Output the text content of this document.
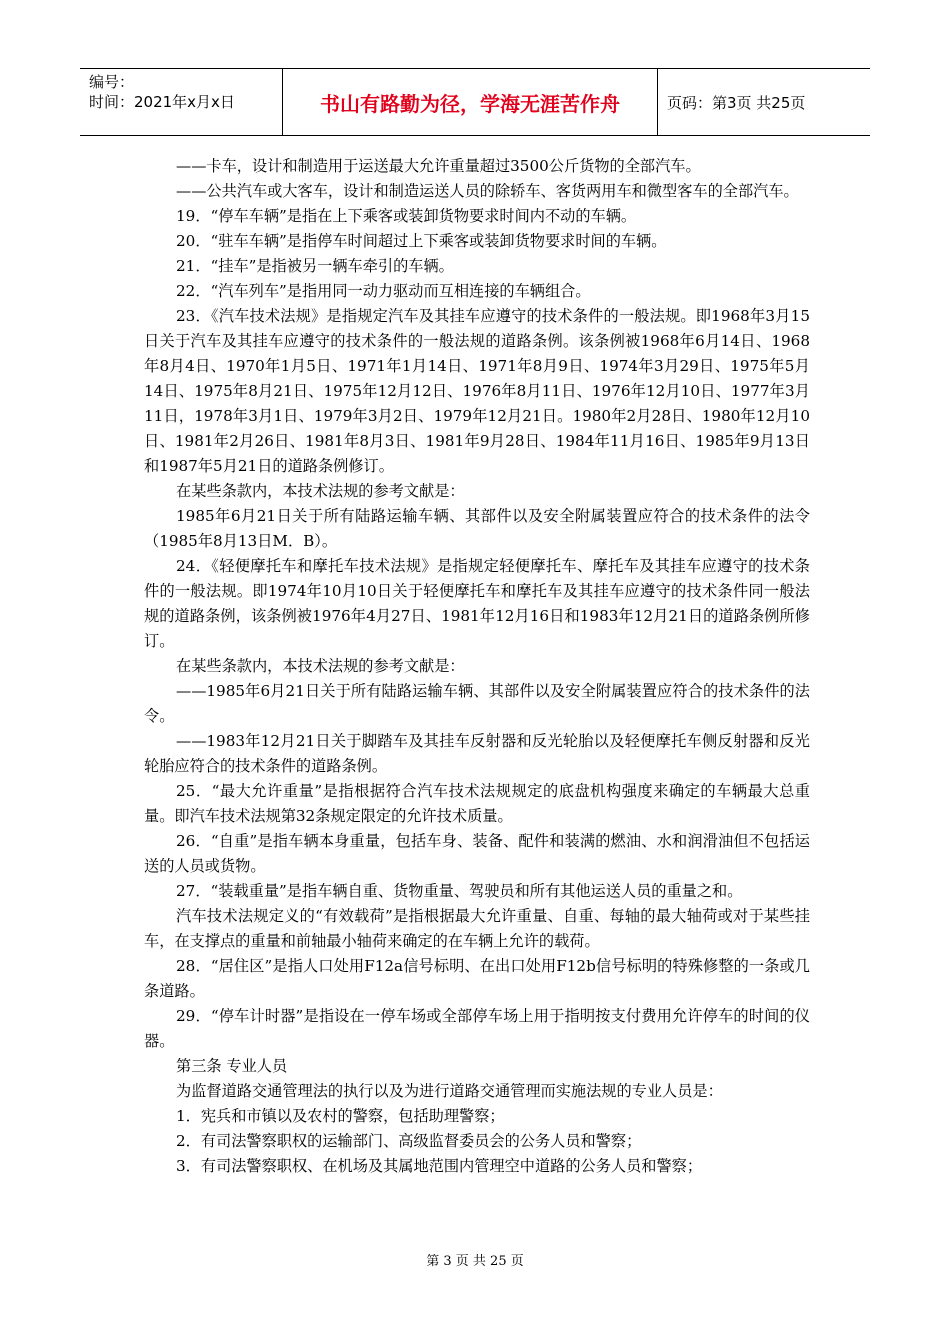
编号：
时间：2021年x月x日	书山有路勤为径，学海无涯苦作舟	页码：第3页 共25页

——卡车，设计和制造用于运送最大允许重量超过3500公斤货物的全部汽车。

——公共汽车或大客车，设计和制造运送人员的除轿车、客货两用车和微型客车的全部汽车。

19．“停车车辆”是指在上下乘客或装卸货物要求时间内不动的车辆。

20．“驻车车辆”是指停车时间超过上下乘客或装卸货物要求时间的车辆。

21．“挂车”是指被另一辆车牵引的车辆。

22．“汽车列车”是指用同一动力驱动而互相连接的车辆组合。

23．《汽车技术法规》是指规定汽车及其挂车应遵守的技术条件的一般法规。即1968年3月15日关于汽车及其挂车应遵守的技术条件的一般法规的道路条例。该条例被1968年6月14日、1968年8月4日、1970年1月5日、1971年1月14日、1971年8月9日、1974年3月29日、1975年5月14日、1975年8月21日、1975年12月12日、1976年8月11日、1976年12月10日、1977年3月11日，1978年3月1日、1979年3月2日、1979年12月21日。1980年2月28日、1980年12月10日、1981年2月26日、1981年8月3日、1981年9月28日、1984年11月16日、1985年9月13日和1987年5月21日的道路条例修订。

在某些条款内，本技术法规的参考文献是：

1985年6月21日关于所有陆路运输车辆、其部件以及安全附属装置应符合的技术条件的法令（1985年8月13日M．B）。

24．《轻便摩托车和摩托车技术法规》是指规定轻便摩托车、摩托车及其挂车应遵守的技术条件的一般法规。即1974年10月10日关于轻便摩托车和摩托车及其挂车应遵守的技术条件同一般法规的道路条例，该条例被1976年4月27日、1981年12月16日和1983年12月21日的道路条例所修订。

在某些条款内，本技术法规的参考文献是：

——1985年6月21日关于所有陆路运输车辆、其部件以及安全附属装置应符合的技术条件的法令。

——1983年12月21日关于脚踏车及其挂车反射器和反光轮胎以及轻便摩托车侧反射器和反光轮胎应符合的技术条件的道路条例。

25．“最大允许重量”是指根据符合汽车技术法规规定的底盘机构强度来确定的车辆最大总重量。即汽车技术法规第32条规定限定的允许技术质量。

26．“自重”是指车辆本身重量，包括车身、装备、配件和装满的燃油、水和润滑油但不包括运送的人员或货物。

27．“装载重量”是指车辆自重、货物重量、驾驶员和所有其他运送人员的重量之和。

汽车技术法规定义的“有效载荷”是指根据最大允许重量、自重、每轴的最大轴荷或对于某些挂车，在支撑点的重量和前轴最小轴荷来确定的在车辆上允许的载荷。

28．“居住区”是指人口处用F12a信号标明、在出口处用F12b信号标明的特殊修整的一条或几条道路。

29．“停车计时器”是指设在一停车场或全部停车场上用于指明按支付费用允许停车的时间的仪器。

第三条 专业人员

为监督道路交通管理法的执行以及为进行道路交通管理而实施法规的专业人员是：

1．宪兵和市镇以及农村的警察，包括助理警察；

2．有司法警察职权的运输部门、高级监督委员会的公务人员和警察；

3．有司法警察职权、在机场及其属地范围内管理空中道路的公务人员和警察；

第 3 页 共 25 页
